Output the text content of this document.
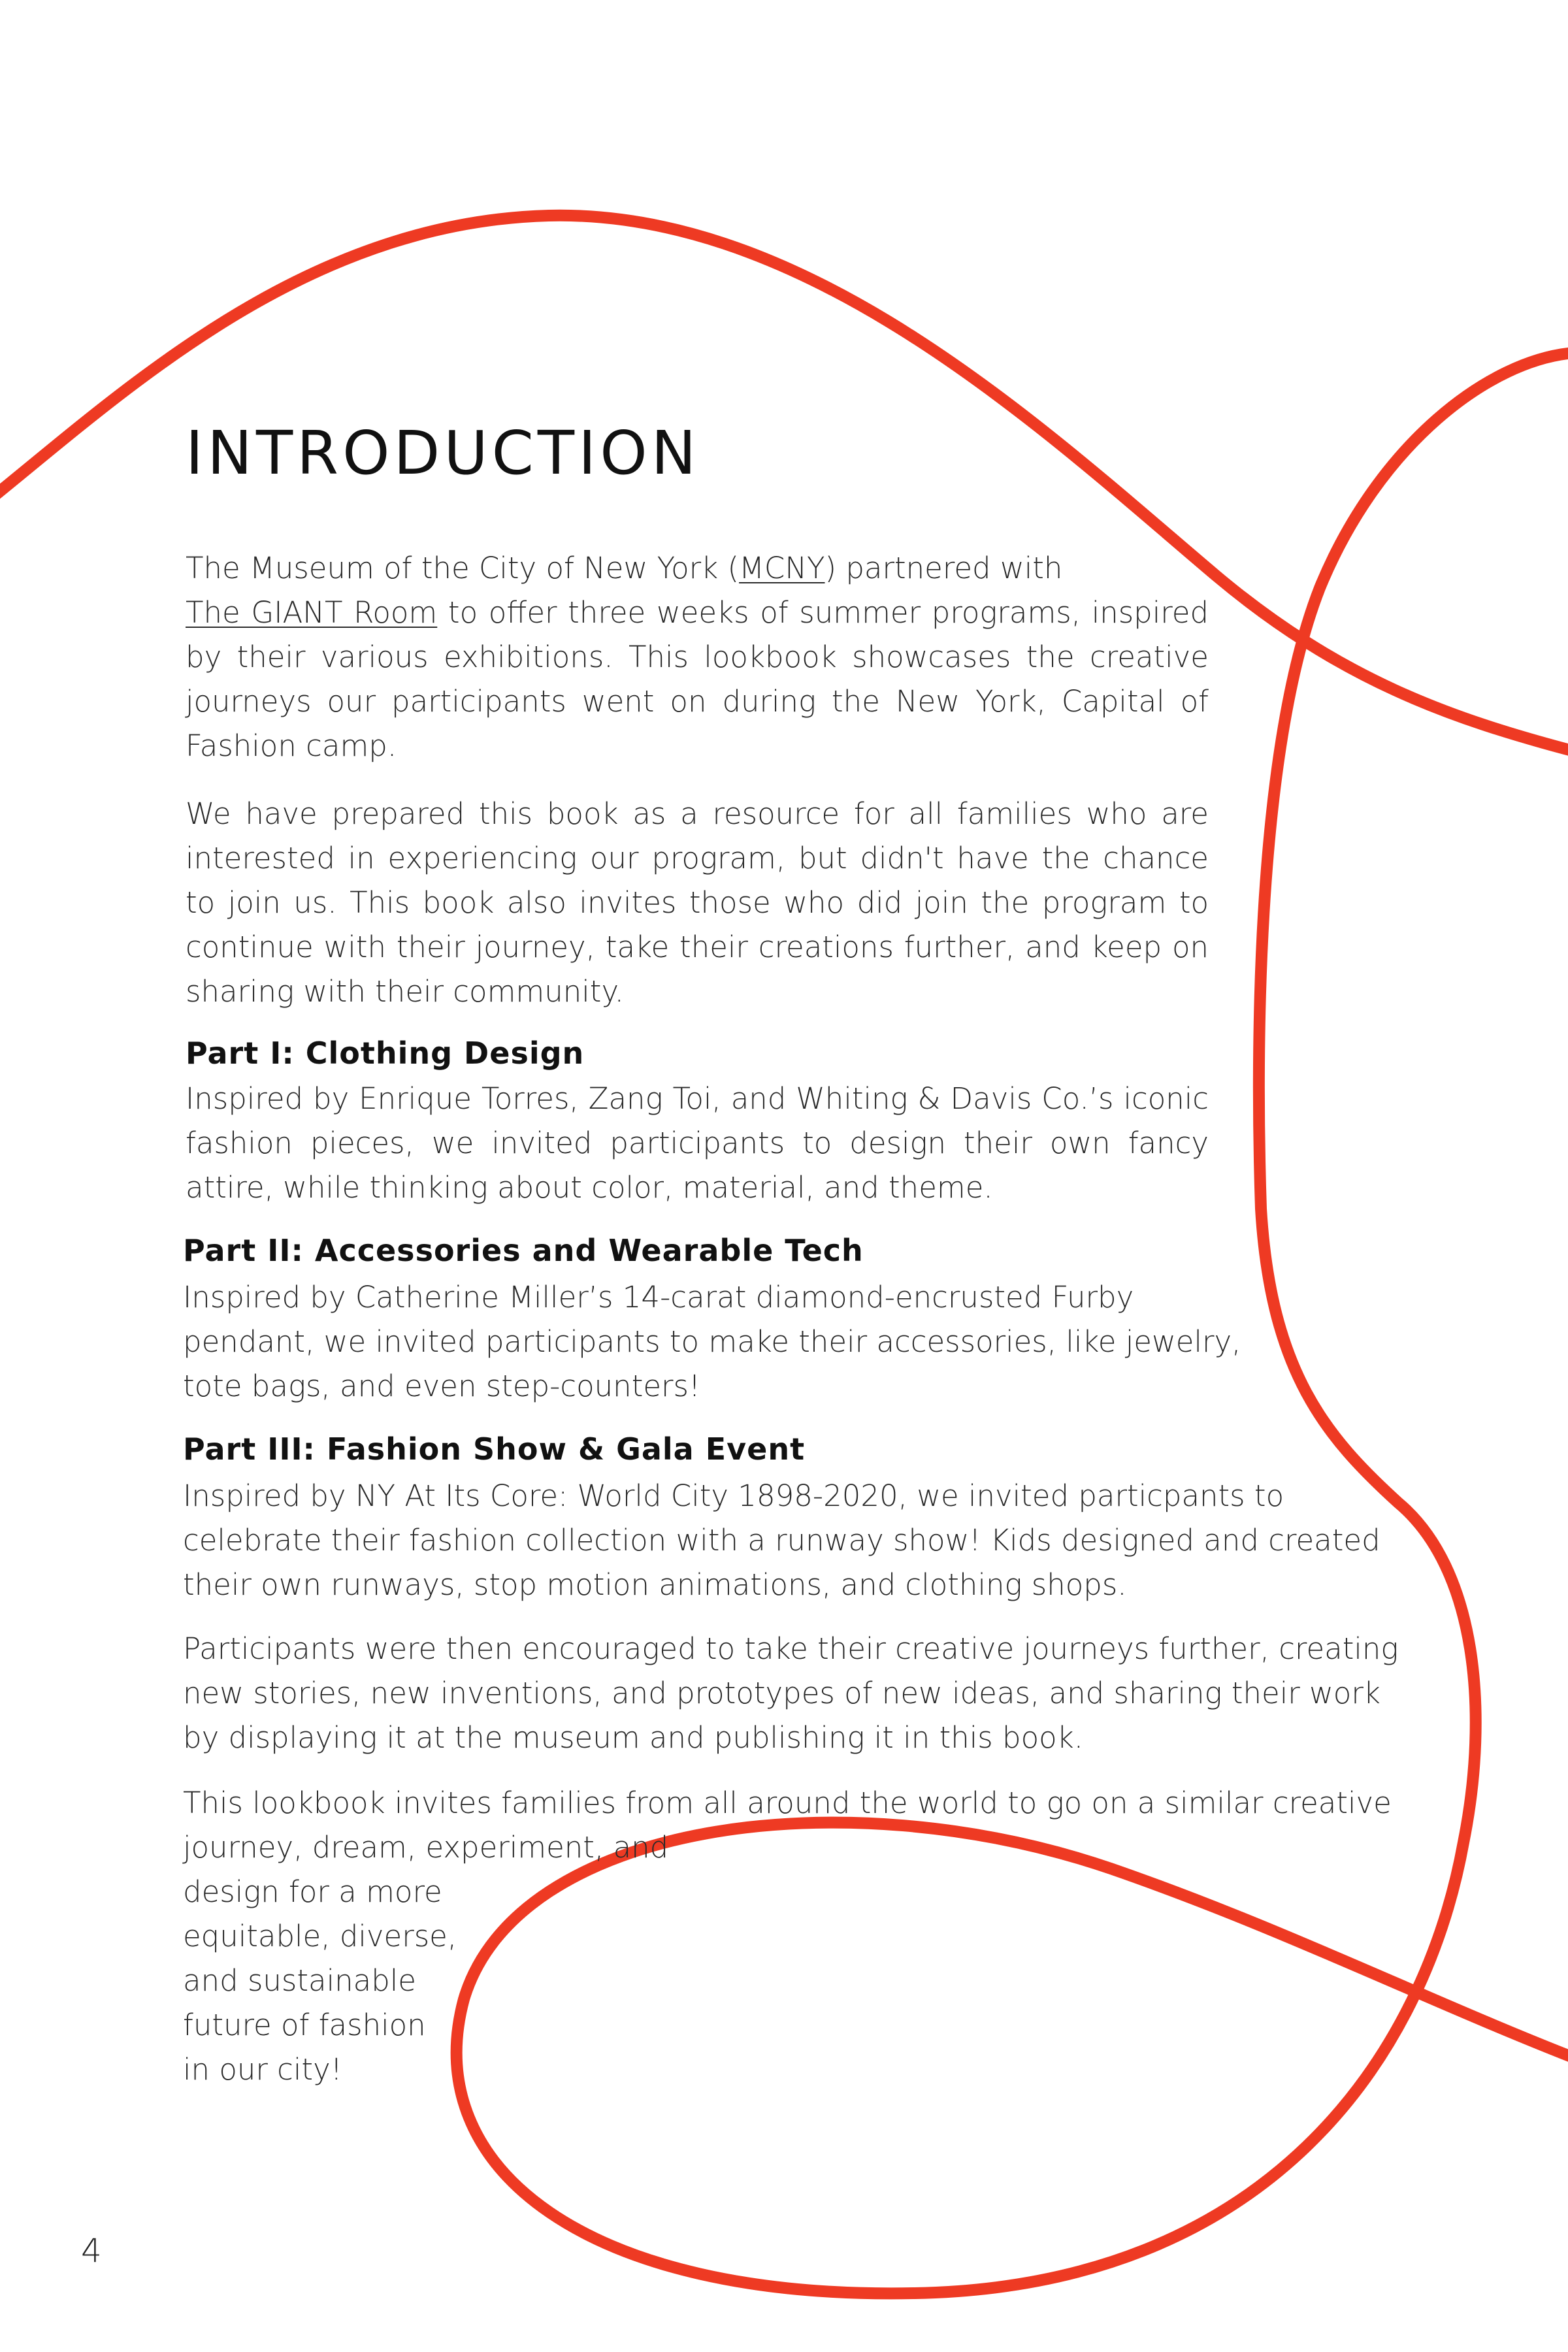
INTRODUCTION
The Museum of the City of New York (MCNY) partnered with
The GIANT Room to offer three weeks of summer programs, inspired by their various exhibitions. This lookbook showcases the creative journeys our participants went on during the New York, Capital of Fashion camp.

We have prepared this book as a resource for all families who are interested in experiencing our program, but didn't have the chance to join us. This book also invites those who did join the program to continue with their journey, take their creations further, and keep on sharing with their community.

Part I: Clothing Design

Inspired by Enrique Torres, Zang Toi, and Whiting & Davis Co.’s iconic fashion pieces, we invited participants to design their own fancy attire, while thinking about color, material, and theme.

Part II: Accessories and Wearable Tech
Inspired by Catherine Miller’s 14-carat diamond-encrusted Furby
pendant, we invited participants to make their accessories, like jewelry,
tote bags, and even step-counters!
Part III: Fashion Show & Gala Event
Inspired by NY At Its Core: World City 1898-2020, we invited particpants to
celebrate their fashion collection with a runway show! Kids designed and created
their own runways, stop motion animations, and clothing shops.
Participants were then encouraged to take their creative journeys further, creating
new stories, new inventions, and prototypes of new ideas, and sharing their work
by displaying it at the museum and publishing it in this book.
This lookbook invites families from all around the world to go on a similar creative
journey, dream, experiment, and
design for a more
equitable, diverse,
and sustainable
future of fashion
in our city!
4
